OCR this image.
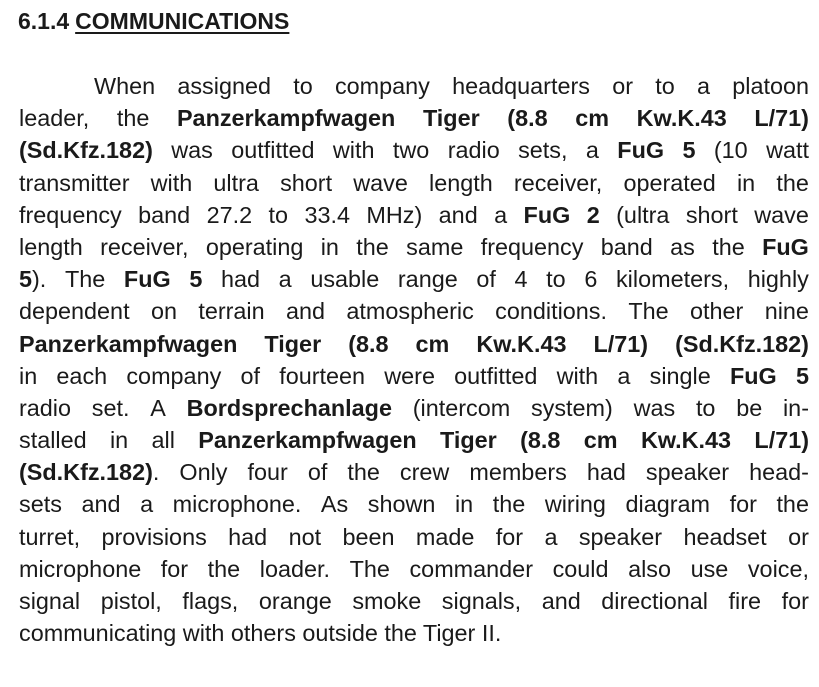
6.1.4 COMMUNICATIONS
When assigned to company headquarters or to a platoon
leader, the Panzerkampfwagen Tiger (8.8 cm Kw.K.43 L/71)
(Sd.Kfz.182) was outfitted with two radio sets, a FuG 5 (10 watt
transmitter with ultra short wave length receiver, operated in the
frequency band 27.2 to 33.4 MHz) and a FuG 2 (ultra short wave
length receiver, operating in the same frequency band as the FuG
5). The FuG 5 had a usable range of 4 to 6 kilometers, highly
dependent on terrain and atmospheric conditions. The other nine
Panzerkampfwagen Tiger (8.8 cm Kw.K.43 L/71) (Sd.Kfz.182)
in each company of fourteen were outfitted with a single FuG 5
radio set. A Bordsprechanlage (intercom system) was to be in-
stalled in all Panzerkampfwagen Tiger (8.8 cm Kw.K.43 L/71)
(Sd.Kfz.182). Only four of the crew members had speaker head-
sets and a microphone. As shown in the wiring diagram for the
turret, provisions had not been made for a speaker headset or
microphone for the loader. The commander could also use voice,
signal pistol, flags, orange smoke signals, and directional fire for
communicating with others outside the Tiger II.
